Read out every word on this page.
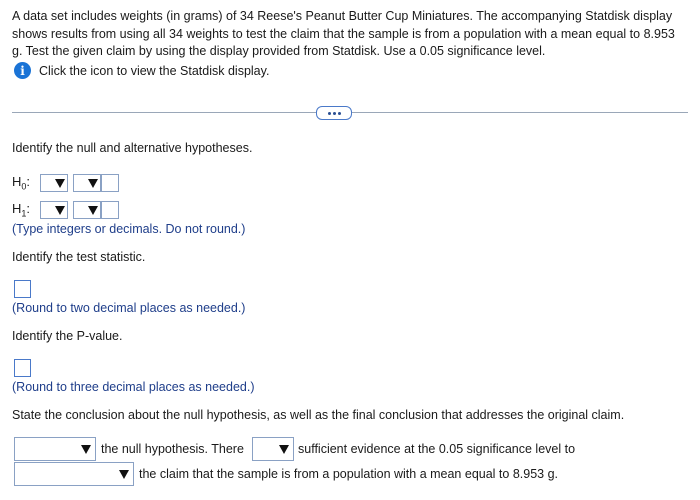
A data set includes weights (in grams) of 34 Reese's Peanut Butter Cup Miniatures. The accompanying Statdisk display shows results from using all 34 weights to test the claim that the sample is from a population with a mean equal to 8.953 g. Test the given claim by using the display provided from Statdisk. Use a 0.05 significance level.
i	Click the icon to view the Statdisk display.
Identify the null and alternative hypotheses.
$H_0$:
$H_1$:
(Type integers or decimals. Do not round.)
Identify the test statistic.
(Round to two decimal places as needed.)
Identify the P-value.
(Round to three decimal places as needed.)
State the conclusion about the null hypothesis, as well as the final conclusion that addresses the original claim.
the null hypothesis. There	sufficient evidence at the 0.05 significance level to
the claim that the sample is from a population with a mean equal to 8.953 g.
